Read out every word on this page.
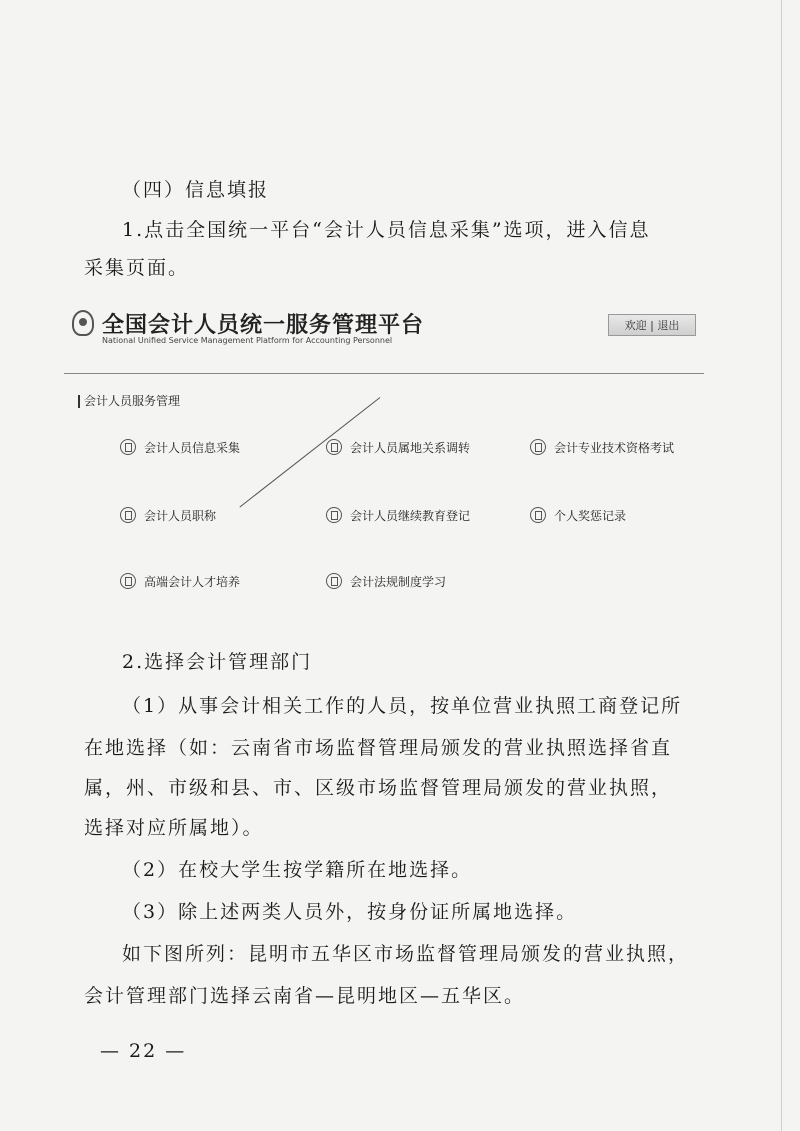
（四）信息填报

1.点击全国统一平台“会计人员信息采集”选项，进入信息

采集页面。

全国会计人员统一服务管理平台
National Unified Service Management Platform for Accounting Personnel
欢迎 | 退出
会计人员服务管理
会计人员信息采集	会计人员属地关系调转	会计专业技术资格考试
会计人员职称	会计人员继续教育登记	个人奖惩记录
高端会计人才培养	会计法规制度学习

2.选择会计管理部门

（1）从事会计相关工作的人员，按单位营业执照工商登记所

在地选择（如：云南省市场监督管理局颁发的营业执照选择省直

属，州、市级和县、市、区级市场监督管理局颁发的营业执照，

选择对应所属地）。

（2）在校大学生按学籍所在地选择。

（3）除上述两类人员外，按身份证所属地选择。

如下图所列：昆明市五华区市场监督管理局颁发的营业执照，

会计管理部门选择云南省—昆明地区—五华区。

— 22 —
